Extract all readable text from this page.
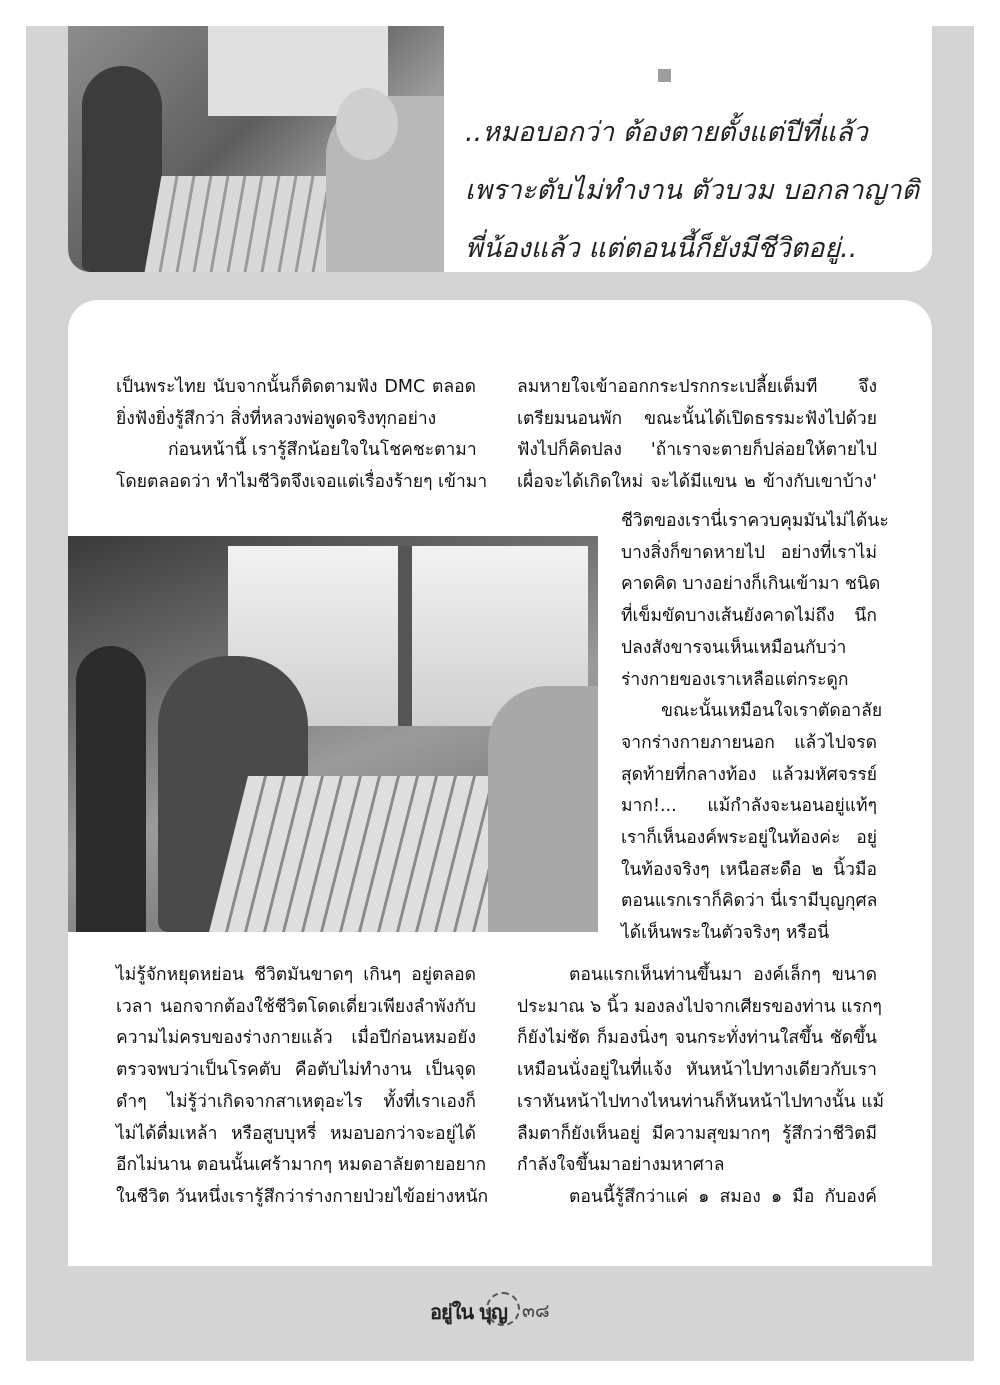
..หมอบอกว่า ต้องตายตั้งแต่ปีที่แล้ว
เพราะตับไม่ทำงาน ตัวบวม บอกลาญาติ
พี่น้องแล้ว แต่ตอนนี้ก็ยังมีชีวิตอยู่..

เป็นพระไทย นับจากนั้นก็ติดตามฟัง DMC ตลอด

ยิ่งฟังยิ่งรู้สึกว่า สิ่งที่หลวงพ่อพูดจริงทุกอย่าง

ก่อนหน้านี้ เรารู้สึกน้อยใจในโชคชะตามา

โดยตลอดว่า ทำไมชีวิตจึงเจอแต่เรื่องร้ายๆ เข้ามา

ไม่รู้จักหยุดหย่อน ชีวิตมันขาดๆ เกินๆ อยู่ตลอด

เวลา นอกจากต้องใช้ชีวิตโดดเดี่ยวเพียงลำพังกับ

ความไม่ครบของร่างกายแล้ว เมื่อปีก่อนหมอยัง

ตรวจพบว่าเป็นโรคตับ คือตับไม่ทำงาน เป็นจุด

ดำๆ ไม่รู้ว่าเกิดจากสาเหตุอะไร ทั้งที่เราเองก็

ไม่ได้ดื่มเหล้า หรือสูบบุหรี่ หมอบอกว่าจะอยู่ได้

อีกไม่นาน ตอนนั้นเศร้ามากๆ หมดอาลัยตายอยาก

ในชีวิต วันหนึ่งเรารู้สึกว่าร่างกายป่วยไข้อย่างหนัก

ลมหายใจเข้าออกกระปรกกระเปลี้ยเต็มที จึง

เตรียมนอนพัก ขณะนั้นได้เปิดธรรมะฟังไปด้วย

ฟังไปก็คิดปลง 'ถ้าเราจะตายก็ปล่อยให้ตายไป

เผื่อจะได้เกิดใหม่ จะได้มีแขน ๒ ข้างกับเขาบ้าง'

ชีวิตของเรานี่เราควบคุมมันไม่ได้นะ

บางสิ่งก็ขาดหายไป อย่างที่เราไม่

คาดคิด บางอย่างก็เกินเข้ามา ชนิด

ที่เข็มขัดบางเส้นยังคาดไม่ถึง นึก

ปลงสังขารจนเห็นเหมือนกับว่า

ร่างกายของเราเหลือแต่กระดูก

ขณะนั้นเหมือนใจเราตัดอาลัย

จากร่างกายภายนอก แล้วไปจรด

สุดท้ายที่กลางท้อง แล้วมหัศจรรย์

มาก!... แม้กำลังจะนอนอยู่แท้ๆ

เราก็เห็นองค์พระอยู่ในท้องค่ะ อยู่

ในท้องจริงๆ เหนือสะดือ ๒ นิ้วมือ

ตอนแรกเราก็คิดว่า นี่เรามีบุญกุศล

ได้เห็นพระในตัวจริงๆ หรือนี่

ตอนแรกเห็นท่านขึ้นมา องค์เล็กๆ ขนาด

ประมาณ ๖ นิ้ว มองลงไปจากเศียรของท่าน แรกๆ

ก็ยังไม่ชัด ก็มองนิ่งๆ จนกระทั่งท่านใสขึ้น ชัดขึ้น

เหมือนนั่งอยู่ในที่แจ้ง หันหน้าไปทางเดียวกับเรา

เราหันหน้าไปทางไหนท่านก็หันหน้าไปทางนั้น แม้

ลืมตาก็ยังเห็นอยู่ มีความสุขมากๆ รู้สึกว่าชีวิตมี

กำลังใจขึ้นมาอย่างมหาศาล

ตอนนี้รู้สึกว่าแค่ ๑ สมอง ๑ มือ กับองค์

อยู่ใน บุญ ๓๘
